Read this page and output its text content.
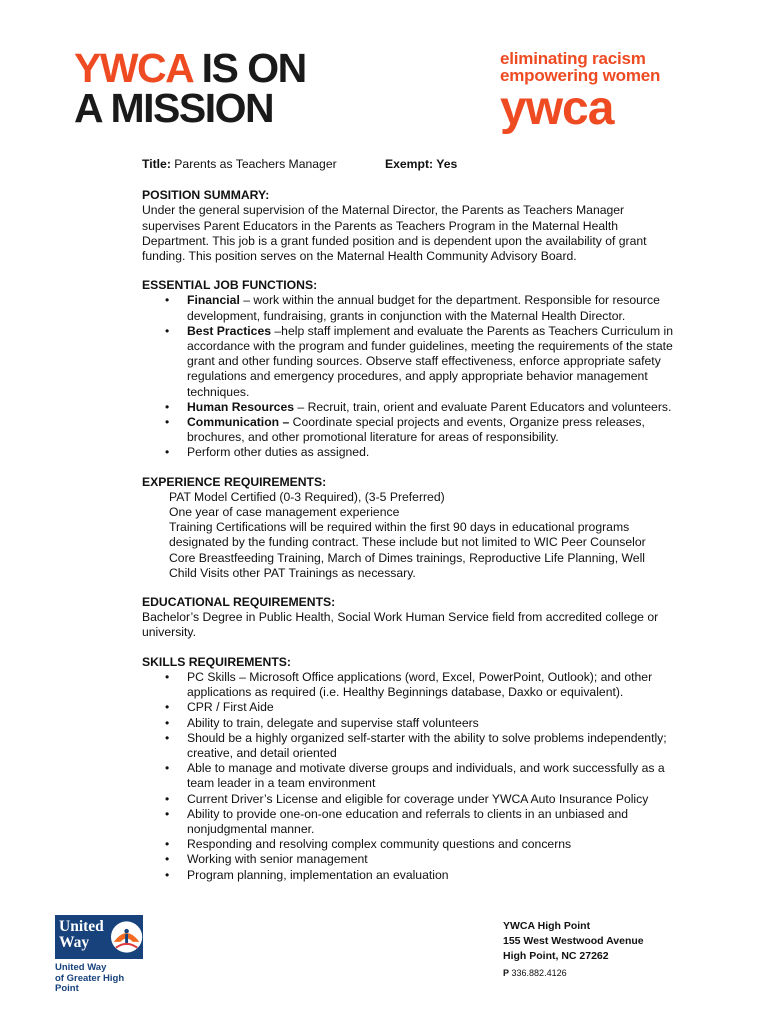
YWCA IS ON
A MISSION
eliminating racism
empowering women
ywca
Title: Parents as Teachers Manager	Exempt: Yes
POSITION SUMMARY:

Under the general supervision of the Maternal Director, the Parents as Teachers Manager

supervises Parent Educators in the Parents as Teachers Program in the Maternal Health

Department. This job is a grant funded position and is dependent upon the availability of grant

funding. This position serves on the Maternal Health Community Advisory Board.

ESSENTIAL JOB FUNCTIONS:
• Financial – work within the annual budget for the department. Responsible for resource
development, fundraising, grants in conjunction with the Maternal Health Director.
• Best Practices –help staff implement and evaluate the Parents as Teachers Curriculum in
accordance with the program and funder guidelines, meeting the requirements of the state
grant and other funding sources. Observe staff effectiveness, enforce appropriate safety
regulations and emergency procedures, and apply appropriate behavior management
techniques.
• Human Resources – Recruit, train, orient and evaluate Parent Educators and volunteers.
• Communication – Coordinate special projects and events, Organize press releases,
brochures, and other promotional literature for areas of responsibility.
• Perform other duties as assigned.
EXPERIENCE REQUIREMENTS:

PAT Model Certified (0-3 Required), (3-5 Preferred)

One year of case management experience

Training Certifications will be required within the first 90 days in educational programs

designated by the funding contract. These include but not limited to WIC Peer Counselor

Core Breastfeeding Training, March of Dimes trainings, Reproductive Life Planning, Well

Child Visits other PAT Trainings as necessary.

EDUCATIONAL REQUIREMENTS:

Bachelor’s Degree in Public Health, Social Work Human Service field from accredited college or

university.

SKILLS REQUIREMENTS:
• PC Skills – Microsoft Office applications (word, Excel, PowerPoint, Outlook); and other
applications as required (i.e. Healthy Beginnings database, Daxko or equivalent).
• CPR / First Aide
• Ability to train, delegate and supervise staff volunteers
• Should be a highly organized self-starter with the ability to solve problems independently;
creative, and detail oriented
• Able to manage and motivate diverse groups and individuals, and work successfully as a
team leader in a team environment
• Current Driver’s License and eligible for coverage under YWCA Auto Insurance Policy
• Ability to provide one-on-one education and referrals to clients in an unbiased and
nonjudgmental manner.
• Responding and resolving complex community questions and concerns
• Working with senior management
• Program planning, implementation an evaluation
United
Way
United Way
of Greater High Point
YWCA High Point
155 West Westwood Avenue
High Point, NC 27262
P 336.882.4126
